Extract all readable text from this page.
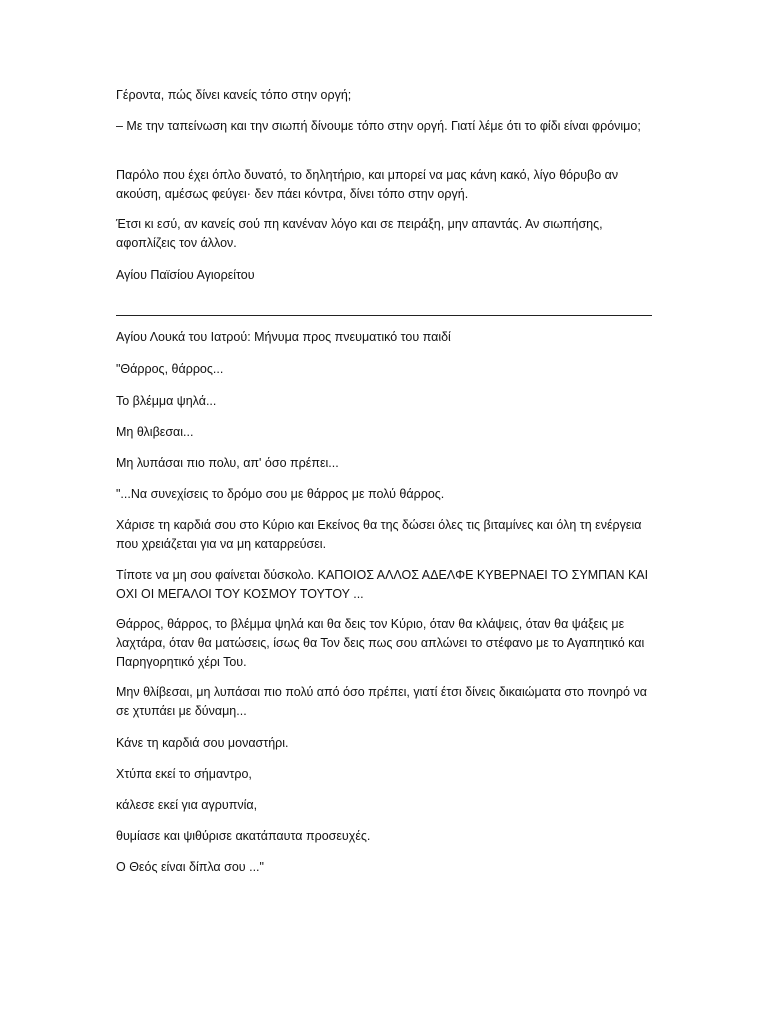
Γέροντα, πώς δίνει κανείς τόπο στην οργή;
– Με την ταπείνωση και την σιωπή δίνουμε τόπο στην οργή. Γιατί λέμε ότι το φίδι είναι φρόνιμο;
Παρόλο που έχει όπλο δυνατό, το δηλητήριο, και μπορεί να μας κάνη κακό, λίγο θόρυβο αν ακούση, αμέσως φεύγει· δεν πάει κόντρα, δίνει τόπο στην οργή.
Έτσι κι εσύ, αν κανείς σού πη κανέναν λόγο και σε πειράξη, μην απαντάς. Αν σιωπήσης, αφοπλίζεις τον άλλον.
Αγίου Παϊσίου Αγιορείτου
Αγίου Λουκά του Ιατρού: Μήνυμα προς πνευματικό του παιδί
"Θάρρος, θάρρος...
Το βλέμμα ψηλά...
Μη θλιβεσαι...
Μη λυπάσαι πιο πολυ, απ' όσο πρέπει...
"...Να συνεχίσεις το δρόμο σου με θάρρος με πολύ θάρρος.
Χάρισε τη καρδιά σου στο Κύριο και Εκείνος θα της δώσει όλες τις βιταμίνες και όλη τη ενέργεια που χρειάζεται για να μη καταρρεύσει.
Τίποτε να μη σου φαίνεται δύσκολο. ΚΑΠΟΙΟΣ ΑΛΛΟΣ ΑΔΕΛΦΕ ΚΥΒΕΡΝΑΕΙ ΤΟ ΣΥΜΠΑΝ ΚΑΙ ΟΧΙ ΟΙ ΜΕΓΑΛΟΙ ΤΟΥ ΚΟΣΜΟΥ ΤΟΥΤΟΥ ...
Θάρρος, θάρρος, το βλέμμα ψηλά και θα δεις τον Κύριο, όταν θα κλάψεις, όταν θα ψάξεις με λαχτάρα, όταν θα ματώσεις, ίσως θα Τον δεις πως σου απλώνει το στέφανο με το Αγαπητικό και Παρηγορητικό χέρι Του.
Μην θλίβεσαι, μη λυπάσαι πιο πολύ από όσο πρέπει, γιατί έτσι δίνεις δικαιώματα στο πονηρό να σε χτυπάει με δύναμη...
Κάνε τη καρδιά σου μοναστήρι.
Χτύπα εκεί το σήμαντρο,
κάλεσε εκεί για αγρυπνία,
θυμίασε και ψιθύρισε ακατάπαυτα προσευχές.
Ο Θεός είναι δίπλα σου ..."
